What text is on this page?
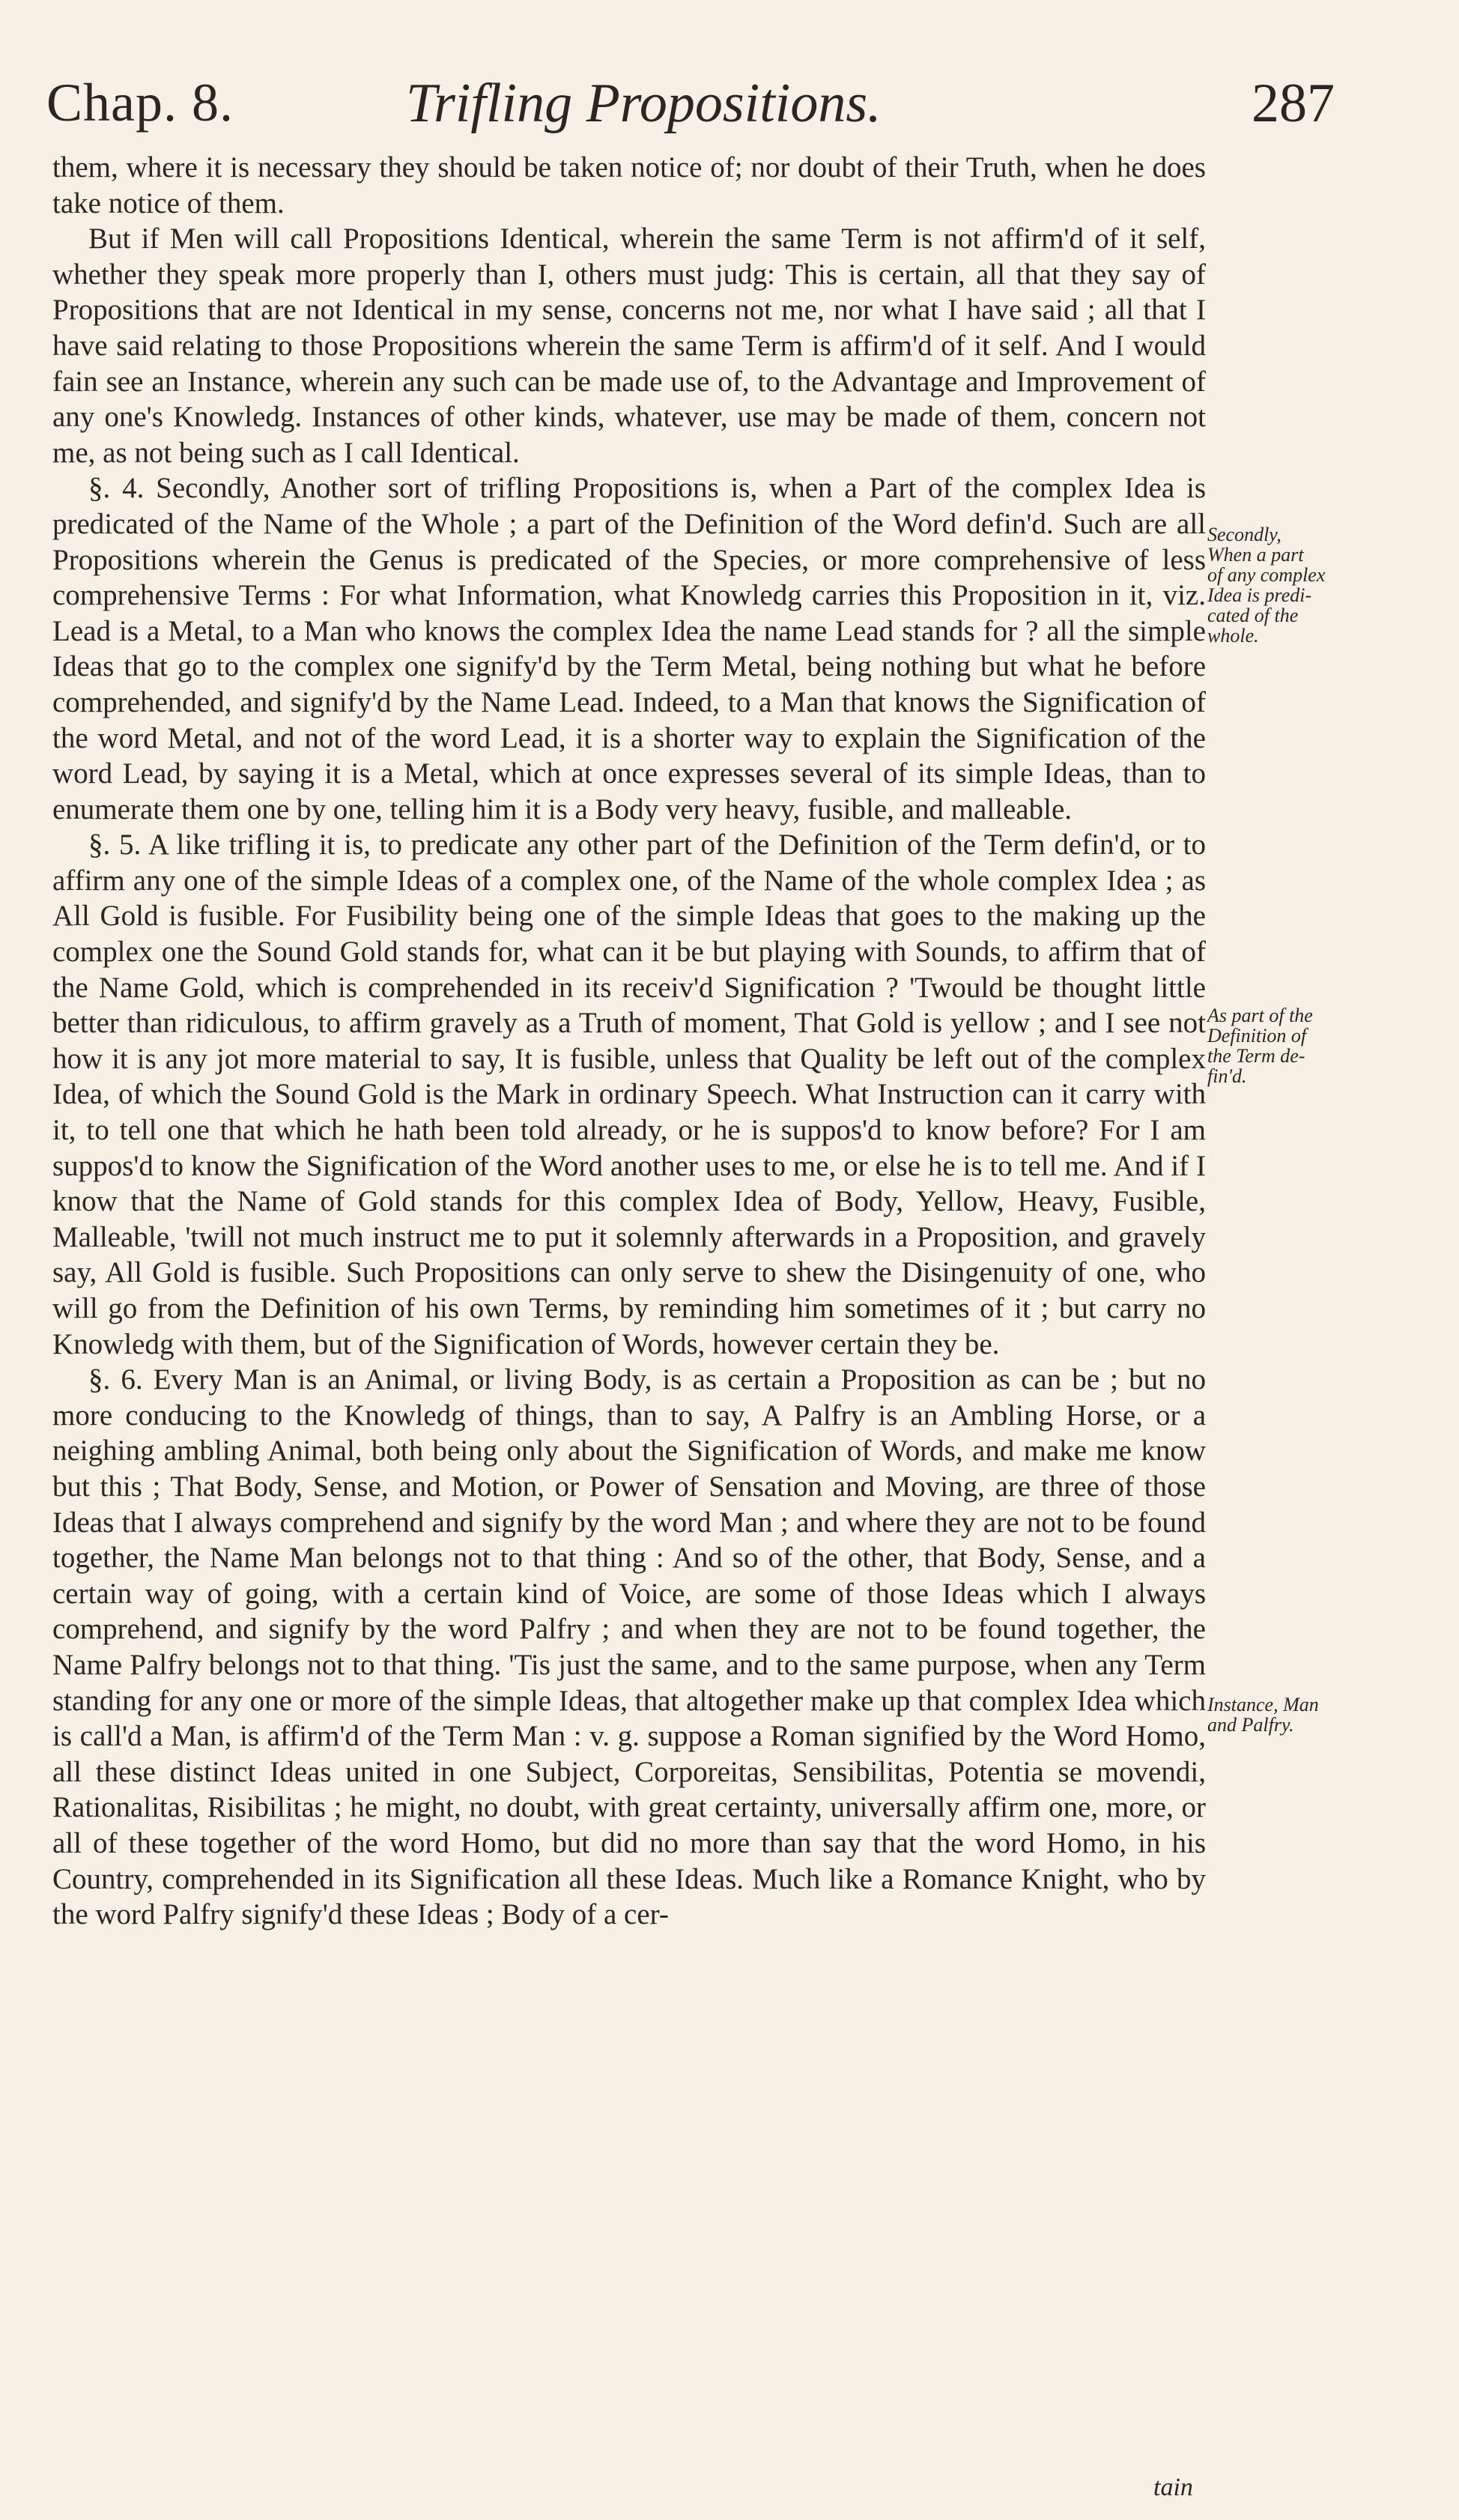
Chap. 8.	Trifling Propositions.	287

them, where it is necessary they should be taken notice of; nor doubt of their Truth, when he does take notice of them.

But if Men will call Propositions Identical, wherein the same Term is not affirm'd of it self, whether they speak more properly than I, others must judg: This is certain, all that they say of Propositions that are not Identical in my sense, concerns not me, nor what I have said ; all that I have said relating to those Propositions wherein the same Term is affirm'd of it self. And I would fain see an Instance, wherein any such can be made use of, to the Advantage and Improvement of any one's Knowledg. Instances of other kinds, whatever, use may be made of them, concern not me, as not being such as I call Identical.

§. 4. Secondly, Another sort of trifling Propositions is, when a Part of the complex Idea is predicated of the Name of the Whole ; a part of the Definition of the Word defin'd. Such are all Propositions wherein the Genus is predicated of the Species, or more comprehensive of less comprehensive Terms : For what Information, what Knowledg carries this Proposition in it, viz. Lead is a Metal, to a Man who knows the complex Idea the name Lead stands for ? all the simple Ideas that go to the complex one signify'd by the Term Metal, being nothing but what he before comprehended, and signify'd by the Name Lead. Indeed, to a Man that knows the Signification of the word Metal, and not of the word Lead, it is a shorter way to explain the Signification of the word Lead, by saying it is a Metal, which at once expresses several of its simple Ideas, than to enumerate them one by one, telling him it is a Body very heavy, fusible, and malleable.

§. 5. A like trifling it is, to predicate any other part of the Definition of the Term defin'd, or to affirm any one of the simple Ideas of a complex one, of the Name of the whole complex Idea ; as All Gold is fusible. For Fusibility being one of the simple Ideas that goes to the making up the complex one the Sound Gold stands for, what can it be but playing with Sounds, to affirm that of the Name Gold, which is comprehended in its receiv'd Signification ? 'Twould be thought little better than ridiculous, to affirm gravely as a Truth of moment, That Gold is yellow ; and I see not how it is any jot more material to say, It is fusible, unless that Quality be left out of the complex Idea, of which the Sound Gold is the Mark in ordinary Speech. What Instruction can it carry with it, to tell one that which he hath been told already, or he is suppos'd to know before? For I am suppos'd to know the Signification of the Word another uses to me, or else he is to tell me. And if I know that the Name of Gold stands for this complex Idea of Body, Yellow, Heavy, Fusible, Malleable, 'twill not much instruct me to put it solemnly afterwards in a Proposition, and gravely say, All Gold is fusible. Such Propositions can only serve to shew the Disingenuity of one, who will go from the Definition of his own Terms, by reminding him sometimes of it ; but carry no Knowledg with them, but of the Signification of Words, however certain they be.

§. 6. Every Man is an Animal, or living Body, is as certain a Proposition as can be ; but no more conducing to the Knowledg of things, than to say, A Palfry is an Ambling Horse, or a neighing ambling Animal, both being only about the Signification of Words, and make me know but this ; That Body, Sense, and Motion, or Power of Sensation and Moving, are three of those Ideas that I always comprehend and signify by the word Man ; and where they are not to be found together, the Name Man belongs not to that thing : And so of the other, that Body, Sense, and a certain way of going, with a certain kind of Voice, are some of those Ideas which I always comprehend, and signify by the word Palfry ; and when they are not to be found together, the Name Palfry belongs not to that thing. 'Tis just the same, and to the same purpose, when any Term standing for any one or more of the simple Ideas, that altogether make up that complex Idea which is call'd a Man, is affirm'd of the Term Man : v. g. suppose a Roman signified by the Word Homo, all these distinct Ideas united in one Subject, Corporeitas, Sensibilitas, Potentia se movendi, Rationalitas, Risibilitas ; he might, no doubt, with great certainty, universally affirm one, more, or all of these together of the word Homo, but did no more than say that the word Homo, in his Country, comprehended in its Signification all these Ideas. Much like a Romance Knight, who by the word Palfry signify'd these Ideas ; Body of a cer-

Secondly,
When a part
of any complex
Idea is predi-
cated of the
whole.
As part of the
Definition of
the Term de-
fin'd.
Instance, Man
and Palfry.
tain
